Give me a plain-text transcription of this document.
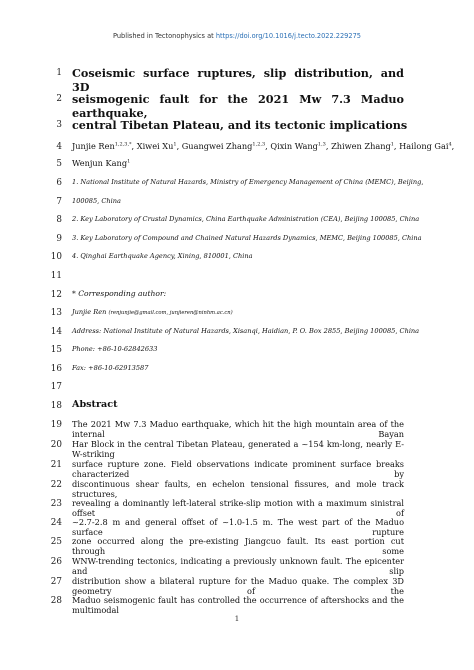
Published in Tectonophysics at https://doi.org/10.1016/j.tecto.2022.229275
1 Coseismic surface ruptures, slip distribution, and 3D
2 seismogenic fault for the 2021 Mw 7.3 Maduo earthquake,
3 central Tibetan Plateau, and its tectonic implications
4 Junjie Ren$^{1,2,3,*}$, Xiwei Xu$^1$, Guangwei Zhang$^{1,2,3}$, Qixin Wang$^{1,3}$, Zhiwen Zhang$^1$, Hailong Gai$^4$,
5 Wenjun Kang$^1$
6 1. National Institute of Natural Hazards, Ministry of Emergency Management of China (MEMC), Beijing,
7 100085, China
8 2. Key Laboratory of Crustal Dynamics, China Earthquake Administration (CEA), Beijing 100085, China
9 3. Key Laboratory of Compound and Chained Natural Hazards Dynamics, MEMC, Beijing 100085, China
10 4. Qinghai Earthquake Agency, Xining, 810001, China
11
12 * Corresponding author:
13 Junjie Ren (renjunjie@gmail.com, junjieren@ninhm.ac.cn)
14 Address: National Institute of Natural Hazards, Xisanqi, Haidian, P. O. Box 2855, Beijing 100085, China
15 Phone: +86-10-62842633
16 Fax: +86-10-62913587
17
18 Abstract
19 The 2021 Mw 7.3 Maduo earthquake, which hit the high mountain area of the internal Bayan
20 Har Block in the central Tibetan Plateau, generated a ~154 km-long, nearly E-W-striking
21 surface rupture zone. Field observations indicate prominent surface breaks characterized by
22 discontinuous shear faults, en echelon tensional fissures, and mole track structures,
23 revealing a dominantly left-lateral strike-slip motion with a maximum sinistral offset of
24 ~2.7-2.8 m and general offset of ~1.0-1.5 m. The west part of the Maduo surface rupture
25 zone occurred along the pre-existing Jiangcuo fault. Its east portion cut through some
26 WNW-trending tectonics, indicating a previously unknown fault. The epicenter and slip
27 distribution show a bilateral rupture for the Maduo quake. The complex 3D geometry of the
28 Maduo seismogenic fault has controlled the occurrence of aftershocks and the multimodal
1
